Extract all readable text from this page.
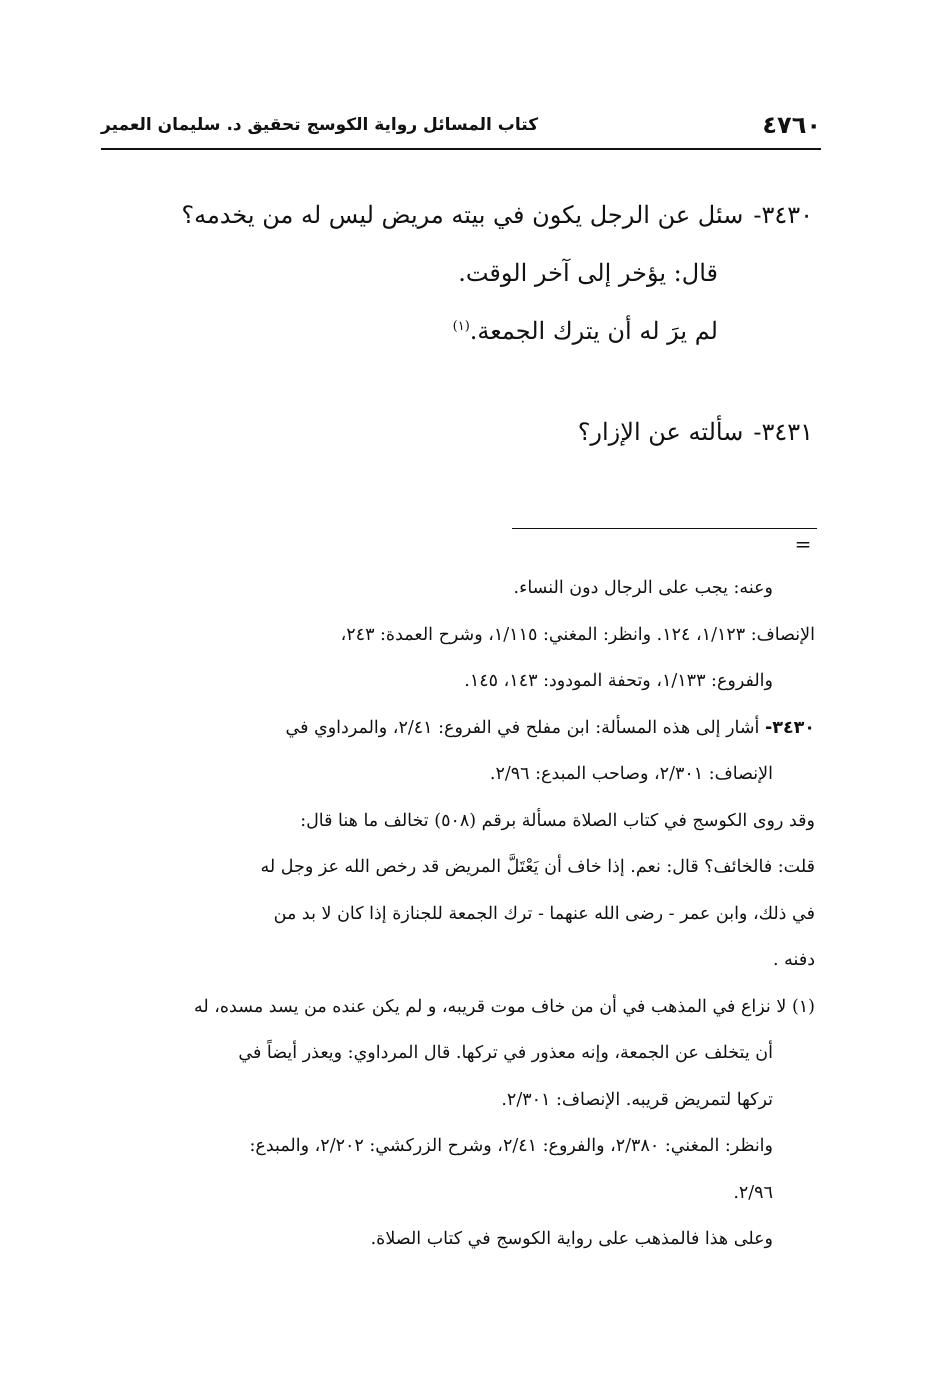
٤٧٦٠
كتاب المسائل رواية الكوسج تحقيق د. سليمان العمير
٣٤٣٠-سئل عن الرجل يكون في بيته مريض ليس له من يخدمه؟
قال: يؤخر إلى آخر الوقت.
لم يرَ له أن يترك الجمعة.$^{(١)}$
٣٤٣١-سألته عن الإزار؟
=
وعنه: يجب على الرجال دون النساء.
الإنصاف: ١/١٢٣، ١٢٤. وانظر: المغني: ١/١١٥، وشرح العمدة: ٢٤٣،
والفروع: ١/١٣٣، وتحفة المودود: ١٤٣، ١٤٥.
٣٤٣٠- أشار إلى هذه المسألة: ابن مفلح في الفروع: ٢/٤١، والمرداوي في
الإنصاف: ٢/٣٠١، وصاحب المبدع: ٢/٩٦.
وقد روى الكوسج في كتاب الصلاة مسألة برقم (٥٠٨) تخالف ما هنا قال:
قلت: فالخائف؟ قال: نعم. إذا خاف أن يَعْتَلَّ المريض قد رخص الله عز وجل له
في ذلك، وابن عمر - رضى الله عنهما - ترك الجمعة للجنازة إذا كان لا بد من
دفنه .
(١) لا نزاع في المذهب في أن من خاف موت قريبه، و لم يكن عنده من يسد مسده، له
أن يتخلف عن الجمعة، وإنه معذور في تركها. قال المرداوي: ويعذر أيضاً في
تركها لتمريض قريبه. الإنصاف: ٢/٣٠١.
وانظر: المغني: ٢/٣٨٠، والفروع: ٢/٤١، وشرح الزركشي: ٢/٢٠٢، والمبدع:
٢/٩٦.
وعلى هذا فالمذهب على رواية الكوسج في كتاب الصلاة.
